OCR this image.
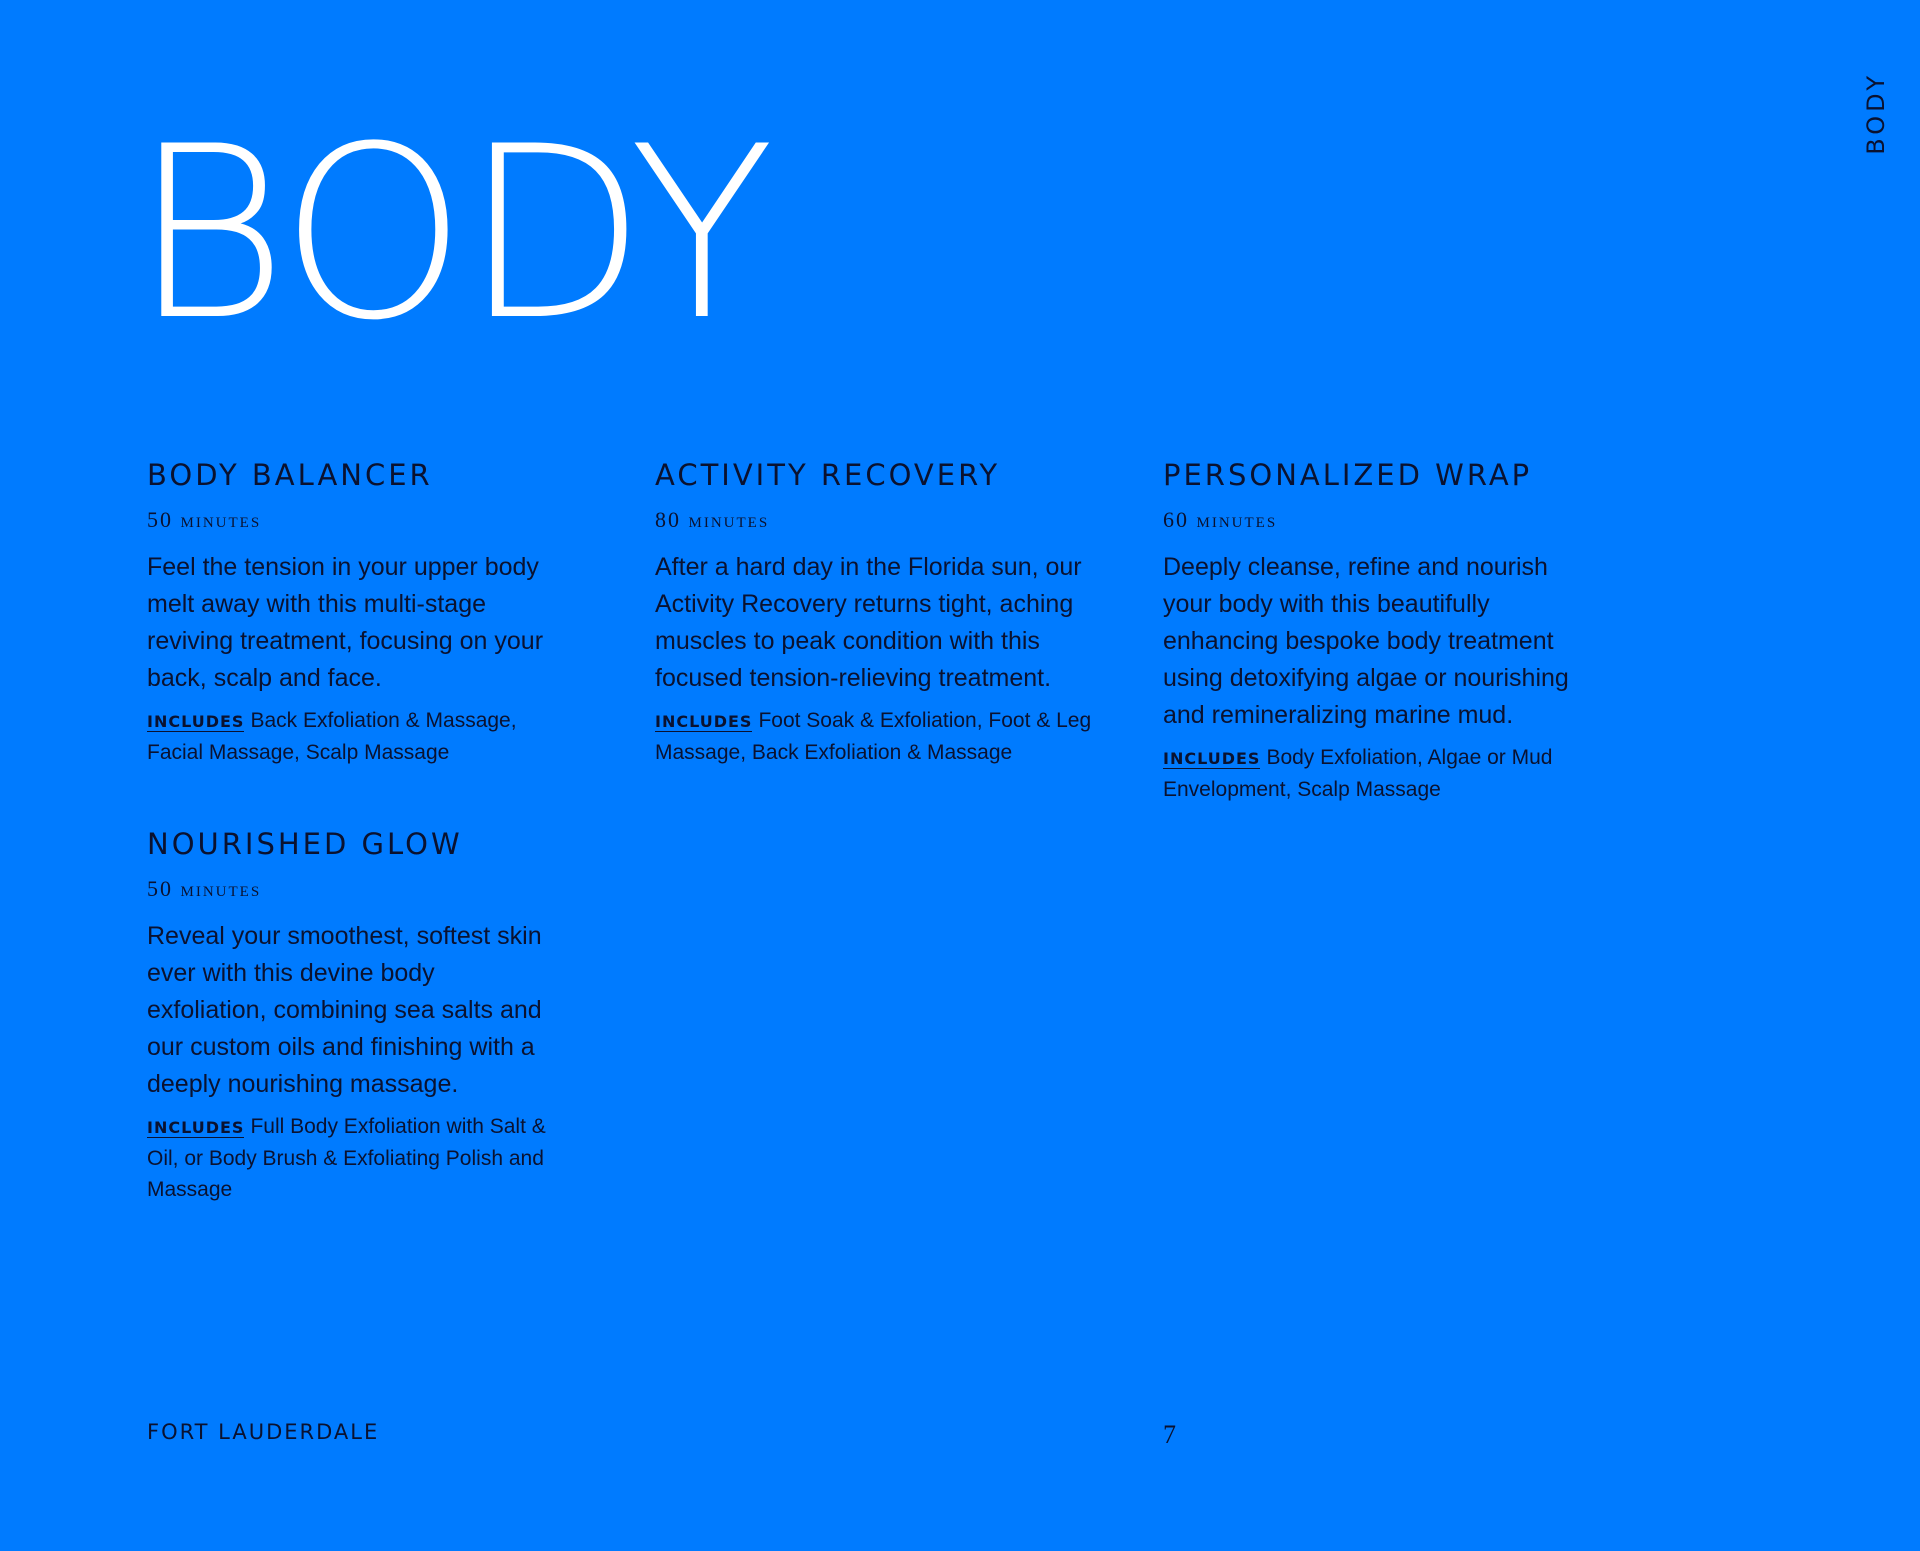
BODY
BODY
BODY BALANCER
50 minutes
Feel the tension in your upper body melt away with this multi-stage reviving treatment, focusing on your back, scalp and face.
INCLUDES Back Exfoliation & Massage, Facial Massage, Scalp Massage
ACTIVITY RECOVERY
80 minutes
After a hard day in the Florida sun, our Activity Recovery returns tight, aching muscles to peak condition with this focused tension-relieving treatment.
INCLUDES Foot Soak & Exfoliation, Foot & Leg Massage, Back Exfoliation & Massage
PERSONALIZED WRAP
60 minutes
Deeply cleanse, refine and nourish your body with this beautifully enhancing bespoke body treatment using detoxifying algae or nourishing and remineralizing marine mud.
INCLUDES Body Exfoliation, Algae or Mud Envelopment, Scalp Massage
NOURISHED GLOW
50 minutes
Reveal your smoothest, softest skin ever with this devine body exfoliation, combining sea salts and our custom oils and finishing with a deeply nourishing massage.
INCLUDES Full Body Exfoliation with Salt & Oil, or Body Brush & Exfoliating Polish and Massage
FORT LAUDERDALE	7
